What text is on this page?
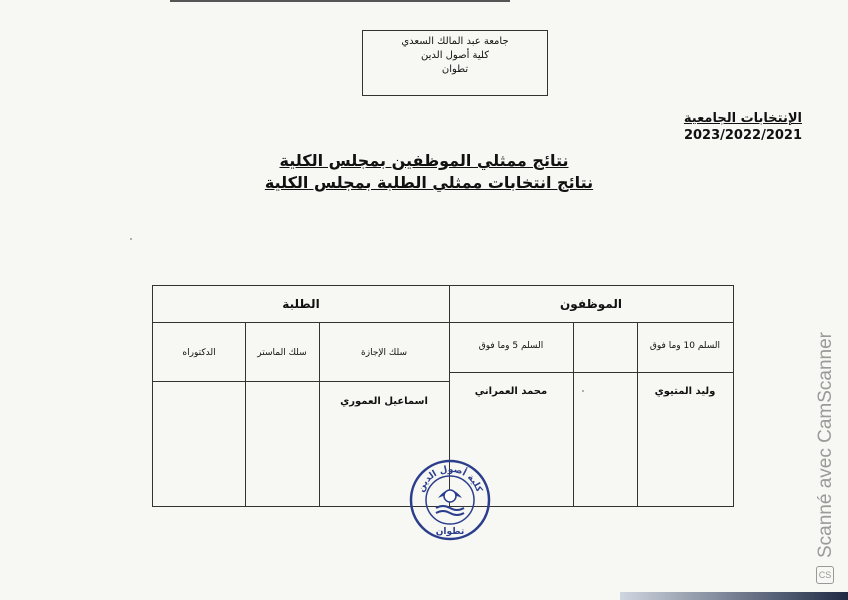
جامعة عبد المالك السعدي
كلية أصول الدين
تطوان
الإنتخابات الجامعية
2023/2022/2021
نتائج ممثلي الموظفين بمجلس الكلية
نتائج انتخابات ممثلي الطلبة بمجلس الكلية
الموظفون
الطلبة
السلم 10 وما فوق
السلم 5 وما فوق
سلك الإجازة
سلك الماستر
الدكتوراه
وليد المتيوي
محمد العمراني
اسماعيل العموري
كلية أصول الدين
تطوان	Scanné avec CamScanner
CS
